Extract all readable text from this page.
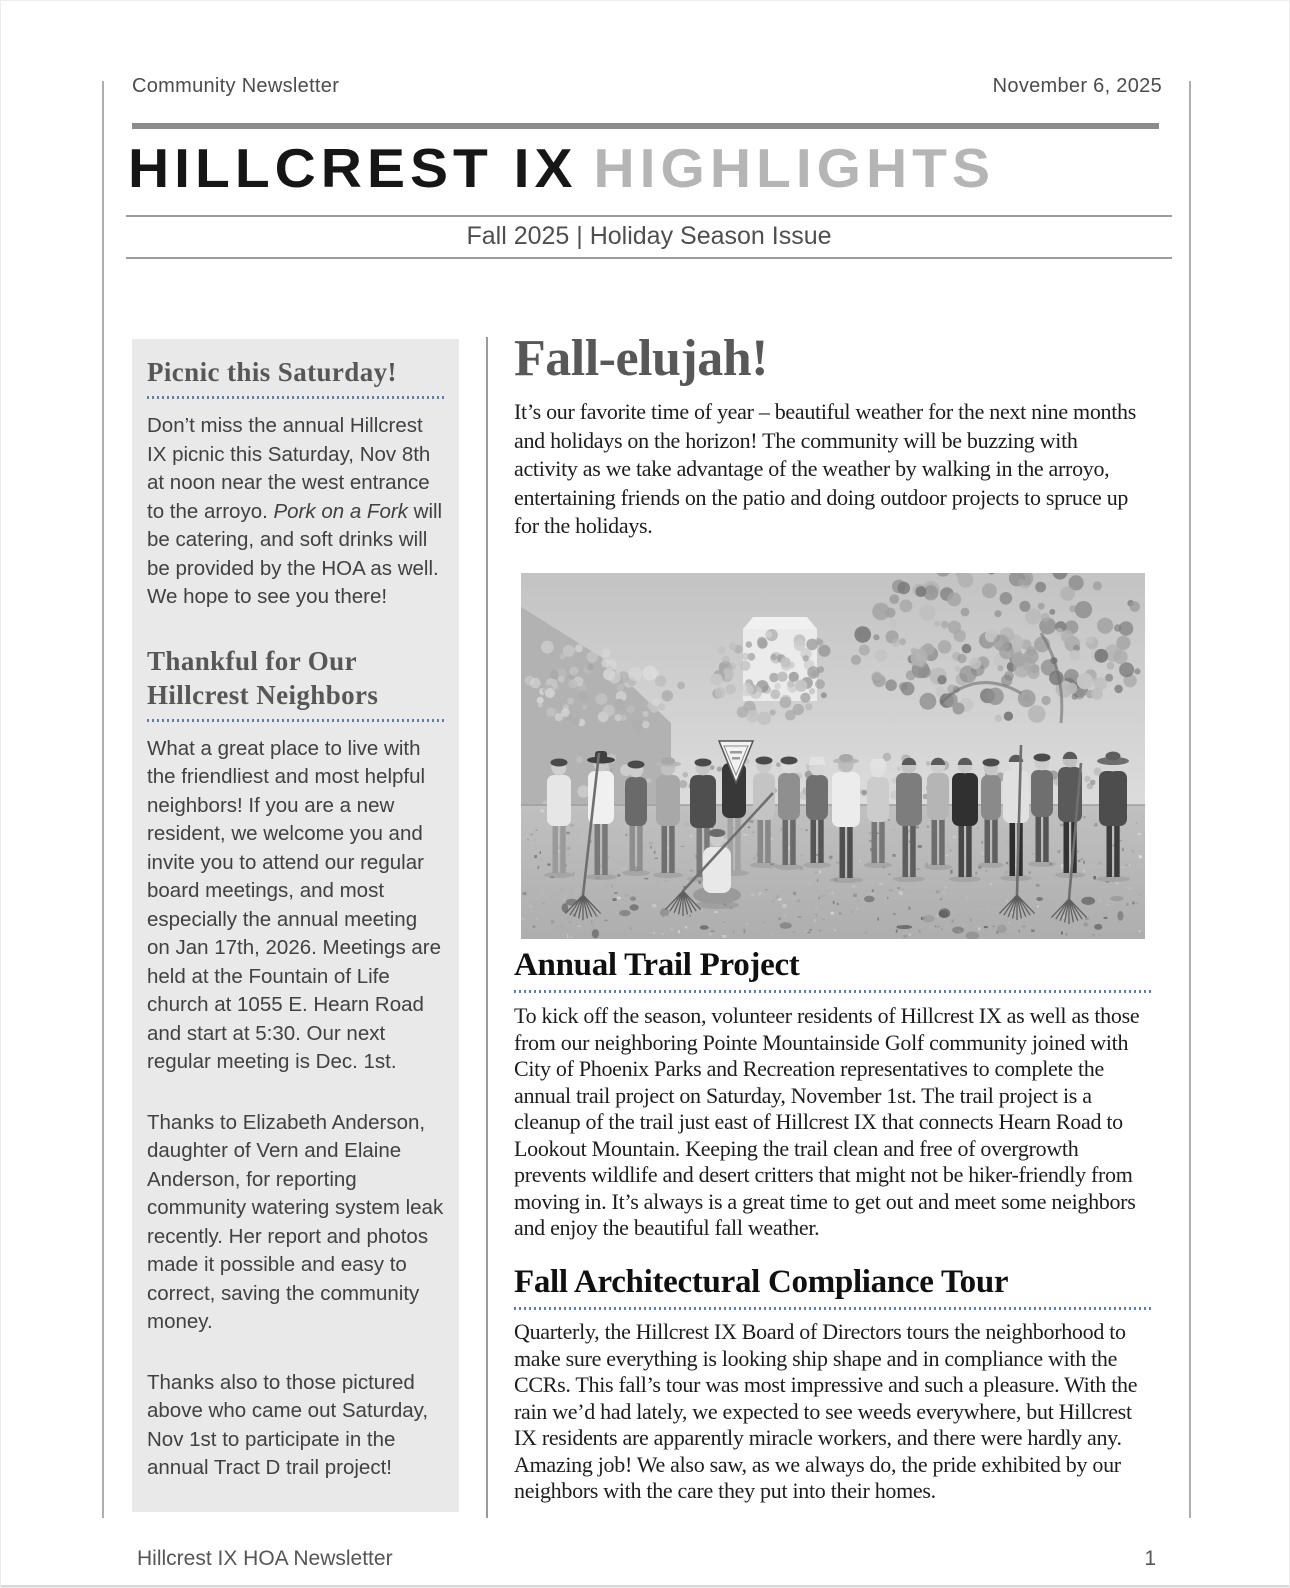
Community Newsletter	November 6, 2025
HILLCREST IX HIGHLIGHTS
Fall 2025 | Holiday Season Issue
Picnic this Saturday!

Don’t miss the annual Hillcrest IX picnic this Saturday, Nov 8th at noon near the west entrance to the arroyo. Pork on a Fork will be catering, and soft drinks will be provided by the HOA as well. We hope to see you there!

Thankful for Our Hillcrest Neighbors

What a great place to live with the friendliest and most helpful neighbors! If you are a new resident, we welcome you and invite you to attend our regular board meetings, and most especially the annual meeting on Jan 17th, 2026. Meetings are held at the Fountain of Life church at 1055 E. Hearn Road and start at 5:30. Our next regular meeting is Dec. 1st.

Thanks to Elizabeth Anderson, daughter of Vern and Elaine Anderson, for reporting community watering system leak recently. Her report and photos made it possible and easy to correct, saving the community money.

Thanks also to those pictured above who came out Saturday, Nov 1st to participate in the annual Tract D trail project!

Fall-elujah!

It’s our favorite time of year – beautiful weather for the next nine months and holidays on the horizon! The community will be buzzing with activity as we take advantage of the weather by walking in the arroyo, entertaining friends on the patio and doing outdoor projects to spruce up for the holidays.

Annual Trail Project

To kick off the season, volunteer residents of Hillcrest IX as well as those from our neighboring Pointe Mountainside Golf community joined with City of Phoenix Parks and Recreation representatives to complete the annual trail project on Saturday, November 1st. The trail project is a cleanup of the trail just east of Hillcrest IX that connects Hearn Road to Lookout Mountain. Keeping the trail clean and free of overgrowth prevents wildlife and desert critters that might not be hiker-friendly from moving in. It’s always is a great time to get out and meet some neighbors and enjoy the beautiful fall weather.

Fall Architectural Compliance Tour

Quarterly, the Hillcrest IX Board of Directors tours the neighborhood to make sure everything is looking ship shape and in compliance with the CCRs. This fall’s tour was most impressive and such a pleasure. With the rain we’d had lately, we expected to see weeds everywhere, but Hillcrest IX residents are apparently miracle workers, and there were hardly any. Amazing job! We also saw, as we always do, the pride exhibited by our neighbors with the care they put into their homes.

Hillcrest IX HOA Newsletter	1
